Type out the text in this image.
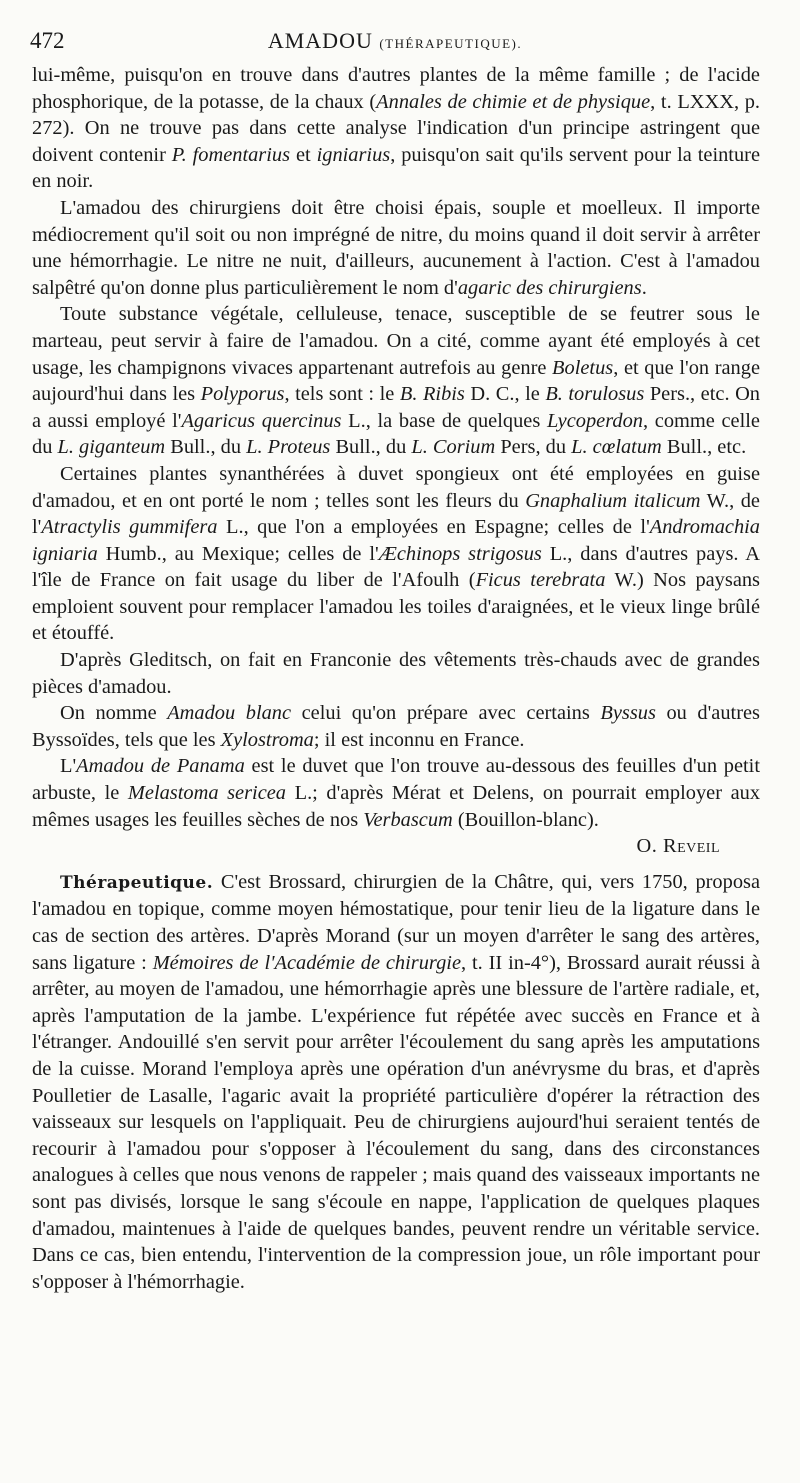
472	AMADOU (THÉRAPEUTIQUE).

lui-même, puisqu'on en trouve dans d'autres plantes de la même famille ; de l'acide phosphorique, de la potasse, de la chaux (Annales de chimie et de physique, t. LXXX, p. 272). On ne trouve pas dans cette analyse l'indication d'un principe astringent que doivent contenir P. fomentarius et igniarius, puisqu'on sait qu'ils servent pour la teinture en noir.

L'amadou des chirurgiens doit être choisi épais, souple et moelleux. Il importe médiocrement qu'il soit ou non imprégné de nitre, du moins quand il doit servir à arrêter une hémorrhagie. Le nitre ne nuit, d'ailleurs, aucunement à l'action. C'est à l'amadou salpêtré qu'on donne plus particulièrement le nom d'agaric des chirurgiens.

Toute substance végétale, celluleuse, tenace, susceptible de se feutrer sous le marteau, peut servir à faire de l'amadou. On a cité, comme ayant été employés à cet usage, les champignons vivaces appartenant autrefois au genre Boletus, et que l'on range aujourd'hui dans les Polyporus, tels sont : le B. Ribis D. C., le B. torulosus Pers., etc. On a aussi employé l'Agaricus quercinus L., la base de quelques Lycoperdon, comme celle du L. giganteum Bull., du L. Proteus Bull., du L. Corium Pers, du L. cœlatum Bull., etc.

Certaines plantes synanthérées à duvet spongieux ont été employées en guise d'amadou, et en ont porté le nom ; telles sont les fleurs du Gnaphalium italicum W., de l'Atractylis gummifera L., que l'on a employées en Espagne; celles de l'Andromachia igniaria Humb., au Mexique; celles de l'Æchinops strigosus L., dans d'autres pays. A l'île de France on fait usage du liber de l'Afoulh (Ficus terebrata W.) Nos paysans emploient souvent pour remplacer l'amadou les toiles d'araignées, et le vieux linge brûlé et étouffé.

D'après Gleditsch, on fait en Franconie des vêtements très-chauds avec de grandes pièces d'amadou.

On nomme Amadou blanc celui qu'on prépare avec certains Byssus ou d'autres Byssoïdes, tels que les Xylostroma; il est inconnu en France.

L'Amadou de Panama est le duvet que l'on trouve au-dessous des feuilles d'un petit arbuste, le Melastoma sericea L.; d'après Mérat et Delens, on pourrait employer aux mêmes usages les feuilles sèches de nos Verbascum (Bouillon-blanc).

O. Reveil

Thérapeutique. C'est Brossard, chirurgien de la Châtre, qui, vers 1750, proposa l'amadou en topique, comme moyen hémostatique, pour tenir lieu de la ligature dans le cas de section des artères. D'après Morand (sur un moyen d'arrêter le sang des artères, sans ligature : Mémoires de l'Académie de chirurgie, t. II in-4°), Brossard aurait réussi à arrêter, au moyen de l'amadou, une hémorrhagie après une blessure de l'artère radiale, et, après l'amputation de la jambe. L'expérience fut répétée avec succès en France et à l'étranger. Andouillé s'en servit pour arrêter l'écoulement du sang après les amputations de la cuisse. Morand l'employa après une opération d'un anévrysme du bras, et d'après Poulletier de Lasalle, l'agaric avait la propriété particulière d'opérer la rétraction des vaisseaux sur lesquels on l'appliquait. Peu de chirurgiens aujourd'hui seraient tentés de recourir à l'amadou pour s'opposer à l'écoulement du sang, dans des circonstances analogues à celles que nous venons de rappeler ; mais quand des vaisseaux importants ne sont pas divisés, lorsque le sang s'écoule en nappe, l'application de quelques plaques d'amadou, maintenues à l'aide de quelques bandes, peuvent rendre un véritable service. Dans ce cas, bien entendu, l'intervention de la compression joue, un rôle important pour s'opposer à l'hémorrhagie.
